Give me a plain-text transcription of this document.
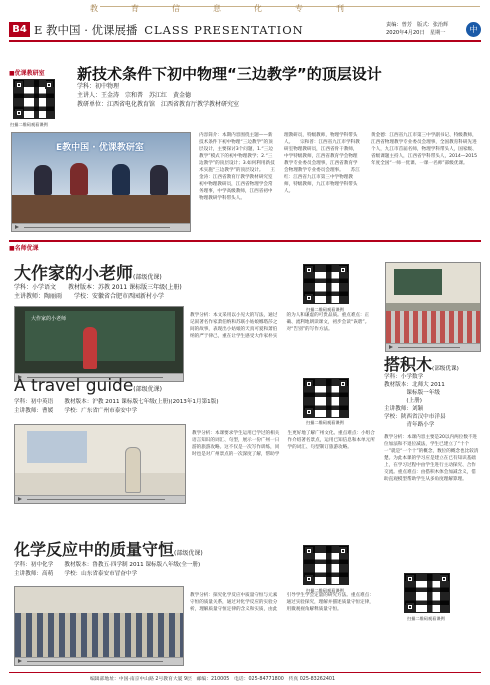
教	育	信	息	化	专	刊
B4 E 教中国 · 优课展播 CLASS PRESENTATION	责编：曾芳　版式：张治辉
2020年4月20日　星期一	中
■优课教研室
扫描二维码观看课例
新技术条件下初中物理“三边教学”的顶层设计
学科：初中物理
主讲人：王金涛　宗和普　苏江红　黄金德
教研单位：江西省电化教育馆　江西省教育厅教学教材研究室
E教中国 · 优课教研室
内容简介：本期内容围绕主题——新技术条件下初中物理“三边教学”的顶层设计，主要探讨3个问题，1.“三边教学”模式下的初中物理教学；2.“三边教学”的顶层设计；3.如何利用新技术实施“三边教学”的顶层设计。　　王金涛：江西省教育厅教学教材研究室初中物理教研员，江西省物理学会常务理事，中学高级教师，江西省初中物理教研学科带头人。
理教研员，特级教师，物理学科带头人。　　宗和普：江西省九江市学科教研室物理教研员，江西省骨干教师，中学特级教师，江西省教育学会物理教学专业委员会理事，江西省教育学会物理教学专业委员会理事。　　苏江红：江西省九江市第三中学物理教师，特级教师，九江市物理学科带头人。
黄金德：江西省九江市第三中学副书记、特级教师，江西省物理教学专业委员会理事，全国教育科研先进个人，九江市首届名师，物理学科带头人，国家级、省级课题主持人，江西省学科带头人，2014—2015年度全国“一师一优课、一课一名师”部级优课。
■名师优课
大作家的小老师(部级优课)
学科：小学语文　　教材版本：苏教 2011 课标版三年级(上册)
主讲教师：陶丽雨　　学校：安徽省合肥市西园新村小学
扫描二维码观看课例
大作家的小老师
教学分析：本文采用以小见大的写法，通过记叙著名作家萧伯纳和苏联小姑娘娜塔莎之间的故事，表现出小姑娘的天真可爱和萧伯纳的严于律己，重在让学生感受大作家朴实的为人和谦虚的可贵品质。重点难点：正确、流利地朗读课文，初步会读“诙谐”。对“告别”的写作方法。
A travel guide(部级优课)
学科：初中英语　　教材版本：沪教 2011 课标版七年级(上册)(2013年1月第1版)
主讲教师：曹媛　　学校：广东省广州市泰安中学
扫描二维码观看课例
教学分析：本课要求学生运用已学过的相关语言知识的词汇、句型，展示一份广州一日游的旅游攻略。这不仅是一次写作训练，同时也是对广州景点的一次深度了解，帮助学生更好地了解广州文化。重点难点：小组合作介绍著名景点，运用已知信息和本单元所学的词汇、句型制订旅游攻略。
化学反应中的质量守恒(部级优课)
学科：初中化学　　教材版本：鲁教五·四学制 2011 课标版八年级(全一册)
主讲教师：高萌　　学校：山东省泰安市冒奋中学
扫描二维码观看课例
教学分析：探究化学反应中质量守恒与元素守恒的质量关系，通过对化学反应的实验分析，理解质量守恒定律的含义和实质，由此引导学生学会定量的研究方法。重点难点：通过实验探究，理解并描述质量守恒定律，用微观视角解释质量守恒。
搭积木(部级优课)
学科：小学数学
教材版本：北师大 2011
　　　　课标版一年级
　　　　(上册)
主讲教师：刘颖
学校：陕西省汉中市洋县
　　　　青年路小学
教学分析：本课内容主要是20以内两位数不进位加法和不退位减法，学生已建立了“十个一”就是“一个十”的概念，数位的概念也比较清楚。为此本课的学习应是建立在已有知识基础上，在学习过程中由学生进行主动探究、合作交流。重点难点：由搭积木体会加减含义，借助直观模型帮助学生从多角度理解算理。
扫描二维码观看课例
编辑部地址：中国·南京中山路 2号教育大厦 9层　邮编：210005　电话：025-84771800　传真 025-83262401
